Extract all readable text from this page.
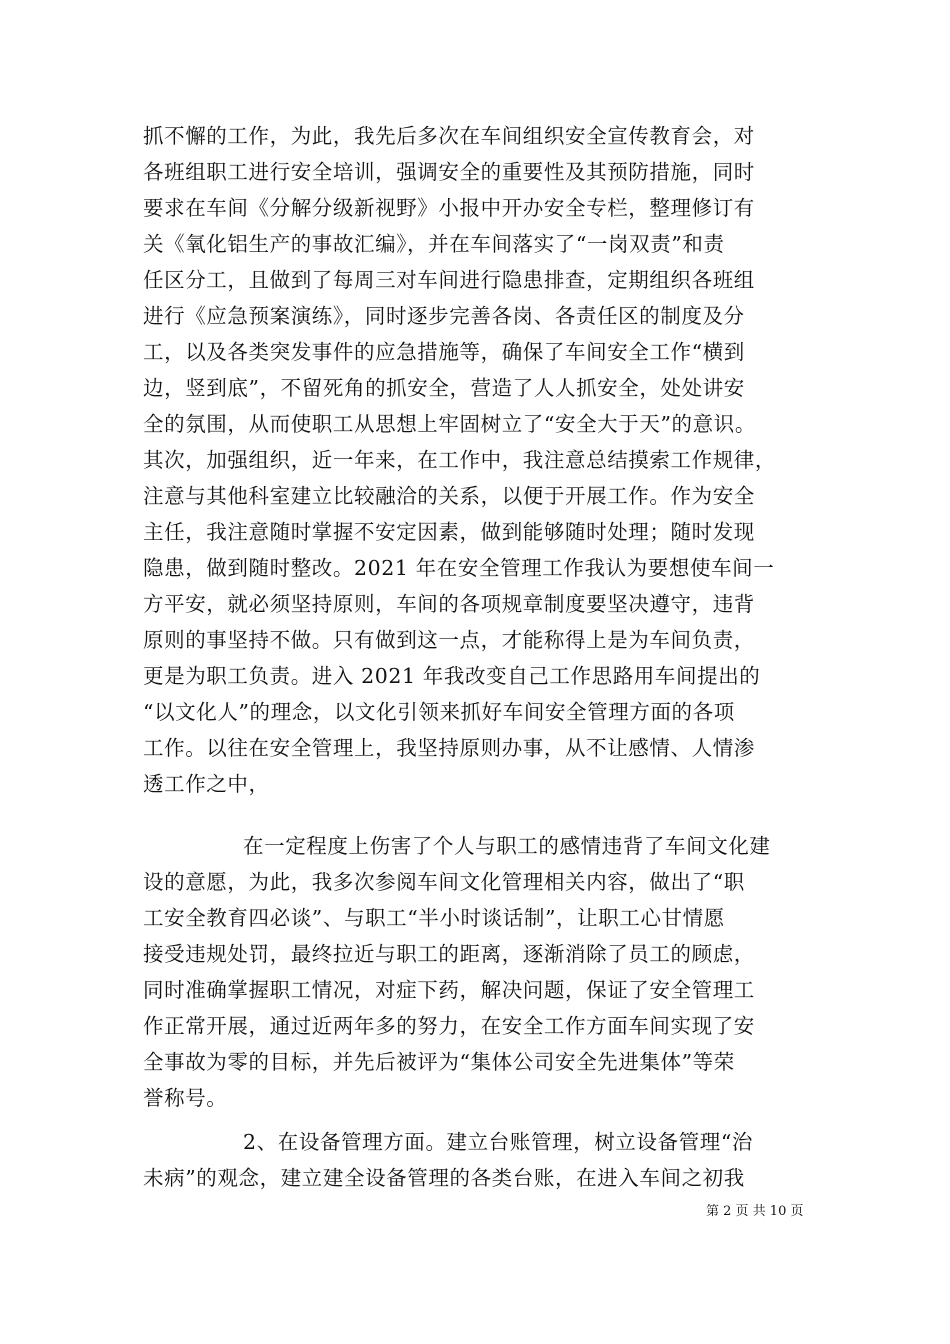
抓不懈的工作，为此，我先后多次在车间组织安全宣传教育会，对
各班组职工进行安全培训，强调安全的重要性及其预防措施，同时
要求在车间《分解分级新视野》小报中开办安全专栏，整理修订有
关《氧化铝生产的事故汇编》，并在车间落实了“一岗双责”和责
任区分工，且做到了每周三对车间进行隐患排查，定期组织各班组
进行《应急预案演练》，同时逐步完善各岗、各责任区的制度及分
工，以及各类突发事件的应急措施等，确保了车间安全工作“横到
边，竖到底”，不留死角的抓安全，营造了人人抓安全，处处讲安
全的氛围，从而使职工从思想上牢固树立了“安全大于天”的意识。
其次，加强组织，近一年来，在工作中，我注意总结摸索工作规律，
注意与其他科室建立比较融洽的关系，以便于开展工作。作为安全
主任，我注意随时掌握不安定因素，做到能够随时处理；随时发现
隐患，做到随时整改。2021 年在安全管理工作我认为要想使车间一
方平安，就必须坚持原则，车间的各项规章制度要坚决遵守，违背
原则的事坚持不做。只有做到这一点，才能称得上是为车间负责，
更是为职工负责。进入 2021 年我改变自己工作思路用车间提出的
“以文化人”的理念，以文化引领来抓好车间安全管理方面的各项
工作。以往在安全管理上，我坚持原则办事，从不让感情、人情渗
透工作之中，
在一定程度上伤害了个人与职工的感情违背了车间文化建
设的意愿，为此，我多次参阅车间文化管理相关内容，做出了“职
工安全教育四必谈”、与职工“半小时谈话制”，让职工心甘情愿
接受违规处罚，最终拉近与职工的距离，逐渐消除了员工的顾虑，
同时准确掌握职工情况，对症下药，解决问题，保证了安全管理工
作正常开展，通过近两年多的努力，在安全工作方面车间实现了安
全事故为零的目标，并先后被评为“集体公司安全先进集体”等荣
誉称号。
2、在设备管理方面。建立台账管理，树立设备管理“治
未病”的观念，建立建全设备管理的各类台账，在进入车间之初我
第 2 页 共 10 页
